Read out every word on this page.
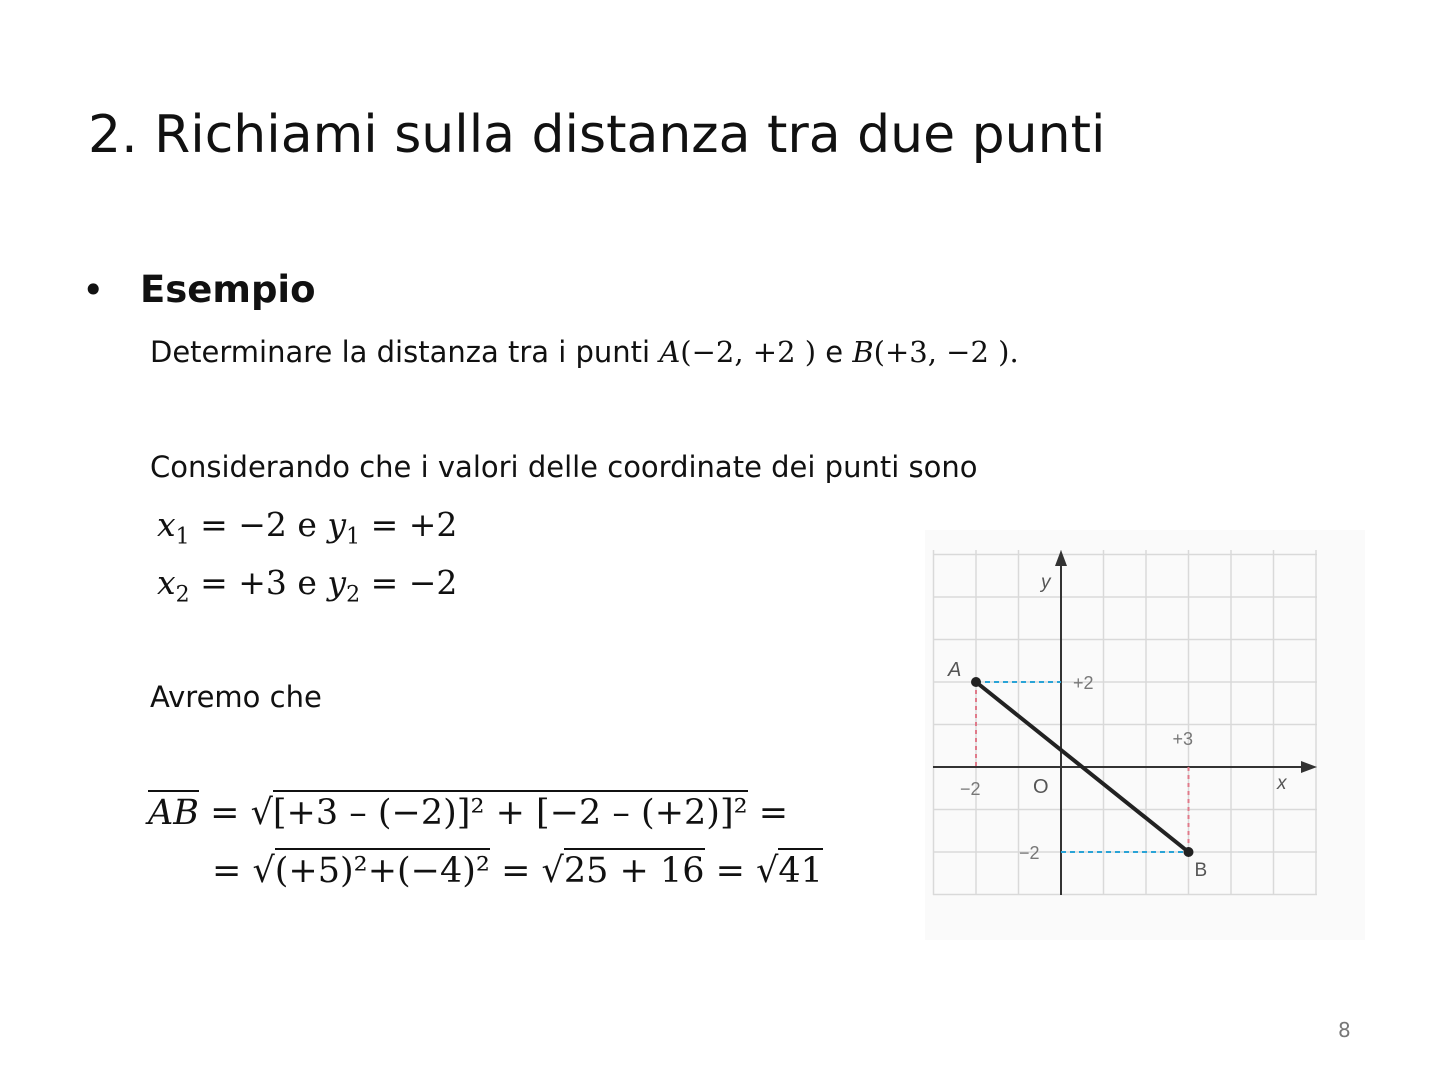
2. Richiami sulla distanza tra due punti
• Esempio
Determinare la distanza tra i punti A(−2, +2 ) e B(+3, −2 ).
Considerando che i valori delle coordinate dei punti sono
$x_1 = -2$ e $y_1 = +2$
$x_2 = +3$ e $y_2 = -2$
Avremo che
AB = √[+3 – (−2)]² + [−2 – (+2)]² =
= √(+5)²+(−4)² = √25 + 16 = √41
A
B
O	x
y
−2
+3
+2
−2
8
